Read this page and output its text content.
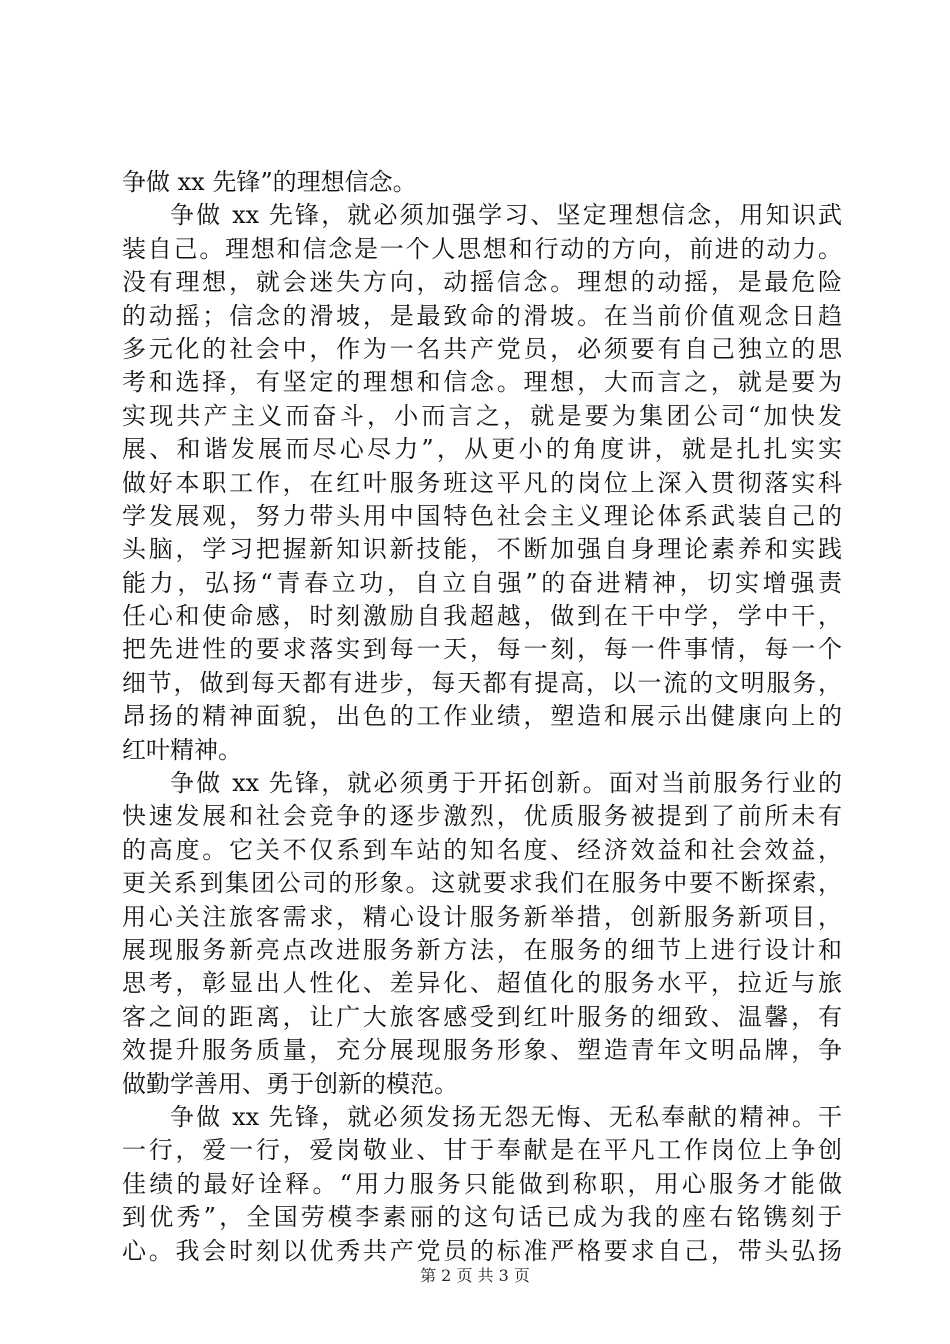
争做 xx 先锋”的理想信念。
争做 xx 先锋，就必须加强学习、坚定理想信念，用知识武
装自己。理想和信念是一个人思想和行动的方向，前进的动力。
没有理想，就会迷失方向，动摇信念。理想的动摇，是最危险
的动摇；信念的滑坡，是最致命的滑坡。在当前价值观念日趋
多元化的社会中，作为一名共产党员，必须要有自己独立的思
考和选择，有坚定的理想和信念。理想，大而言之，就是要为
实现共产主义而奋斗，小而言之，就是要为集团公司“加快发
展、和谐发展而尽心尽力”，从更小的角度讲，就是扎扎实实
做好本职工作，在红叶服务班这平凡的岗位上深入贯彻落实科
学发展观，努力带头用中国特色社会主义理论体系武装自己的
头脑，学习把握新知识新技能，不断加强自身理论素养和实践
能力，弘扬“青春立功，自立自强”的奋进精神，切实增强责
任心和使命感，时刻激励自我超越，做到在干中学，学中干，
把先进性的要求落实到每一天，每一刻，每一件事情，每一个
细节，做到每天都有进步，每天都有提高，以一流的文明服务，
昂扬的精神面貌，出色的工作业绩，塑造和展示出健康向上的
红叶精神。
争做 xx 先锋，就必须勇于开拓创新。面对当前服务行业的
快速发展和社会竞争的逐步激烈，优质服务被提到了前所未有
的高度。它关不仅系到车站的知名度、经济效益和社会效益，
更关系到集团公司的形象。这就要求我们在服务中要不断探索，
用心关注旅客需求，精心设计服务新举措，创新服务新项目，
展现服务新亮点改进服务新方法，在服务的细节上进行设计和
思考，彰显出人性化、差异化、超值化的服务水平，拉近与旅
客之间的距离，让广大旅客感受到红叶服务的细致、温馨，有
效提升服务质量，充分展现服务形象、塑造青年文明品牌，争
做勤学善用、勇于创新的模范。
争做 xx 先锋，就必须发扬无怨无悔、无私奉献的精神。干
一行，爱一行，爱岗敬业、甘于奉献是在平凡工作岗位上争创
佳绩的最好诠释。“用力服务只能做到称职，用心服务才能做
到优秀”，全国劳模李素丽的这句话已成为我的座右铭镌刻于
心。我会时刻以优秀共产党员的标准严格要求自己，带头弘扬
第 2 页 共 3 页
